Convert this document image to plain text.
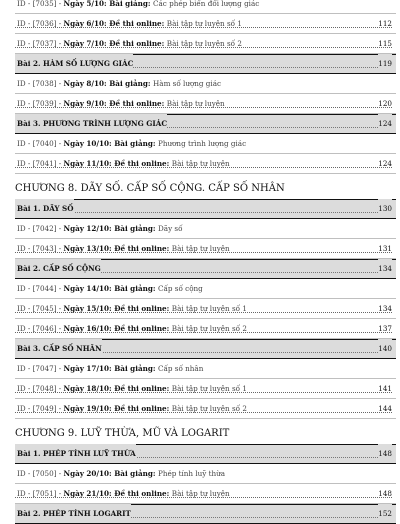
ID - [7035] - Ngày 5/10: Bài giảng: Các phép biến đổi lượng giác
ID - [7036] - Ngày 6/10: Đề thi online: Bài tập tự luyện số 1	112
ID - [7037] - Ngày 7/10: Đề thi online: Bài tập tự luyện số 2	115
Bài 2. HÀM SỐ LƯỢNG GIÁC	119
ID - [7038] - Ngày 8/10: Bài giảng: Hàm số lượng giác
ID - [7039] - Ngày 9/10: Đề thi online: Bài tập tự luyện	120
Bài 3. PHƯƠNG TRÌNH LƯỢNG GIÁC	124
ID - [7040] - Ngày 10/10: Bài giảng: Phương trình lượng giác
ID - [7041] - Ngày 11/10: Đề thi online: Bài tập tự luyện	124
CHƯƠNG 8. DÃY SỐ. CẤP SỐ CỘNG. CẤP SỐ NHÂN
Bài 1. DÃY SỐ	130
ID - [7042] - Ngày 12/10: Bài giảng: Dãy số
ID - [7043] - Ngày 13/10: Đề thi online: Bài tập tự luyện	131
Bài 2. CẤP SỐ CỘNG	134
ID - [7044] - Ngày 14/10: Bài giảng: Cấp số cộng
ID - [7045] - Ngày 15/10: Đề thi online: Bài tập tự luyện số 1	134
ID - [7046] - Ngày 16/10: Đề thi online: Bài tập tự luyện số 2	137
Bài 3. CẤP SỐ NHÂN	140
ID - [7047] - Ngày 17/10: Bài giảng: Cấp số nhân
ID - [7048] - Ngày 18/10: Đề thi online: Bài tập tự luyện số 1	141
ID - [7049] - Ngày 19/10: Đề thi online: Bài tập tự luyện số 2	144
CHƯƠNG 9. LUỸ THỪA, MŨ VÀ LOGARIT
Bài 1. PHÉP TÍNH LUỸ THỪA	148
ID - [7050] - Ngày 20/10: Bài giảng: Phép tính luỹ thừa
ID - [7051] - Ngày 21/10: Đề thi online: Bài tập tự luyện	148
Bài 2. PHÉP TÍNH LOGARIT	152
